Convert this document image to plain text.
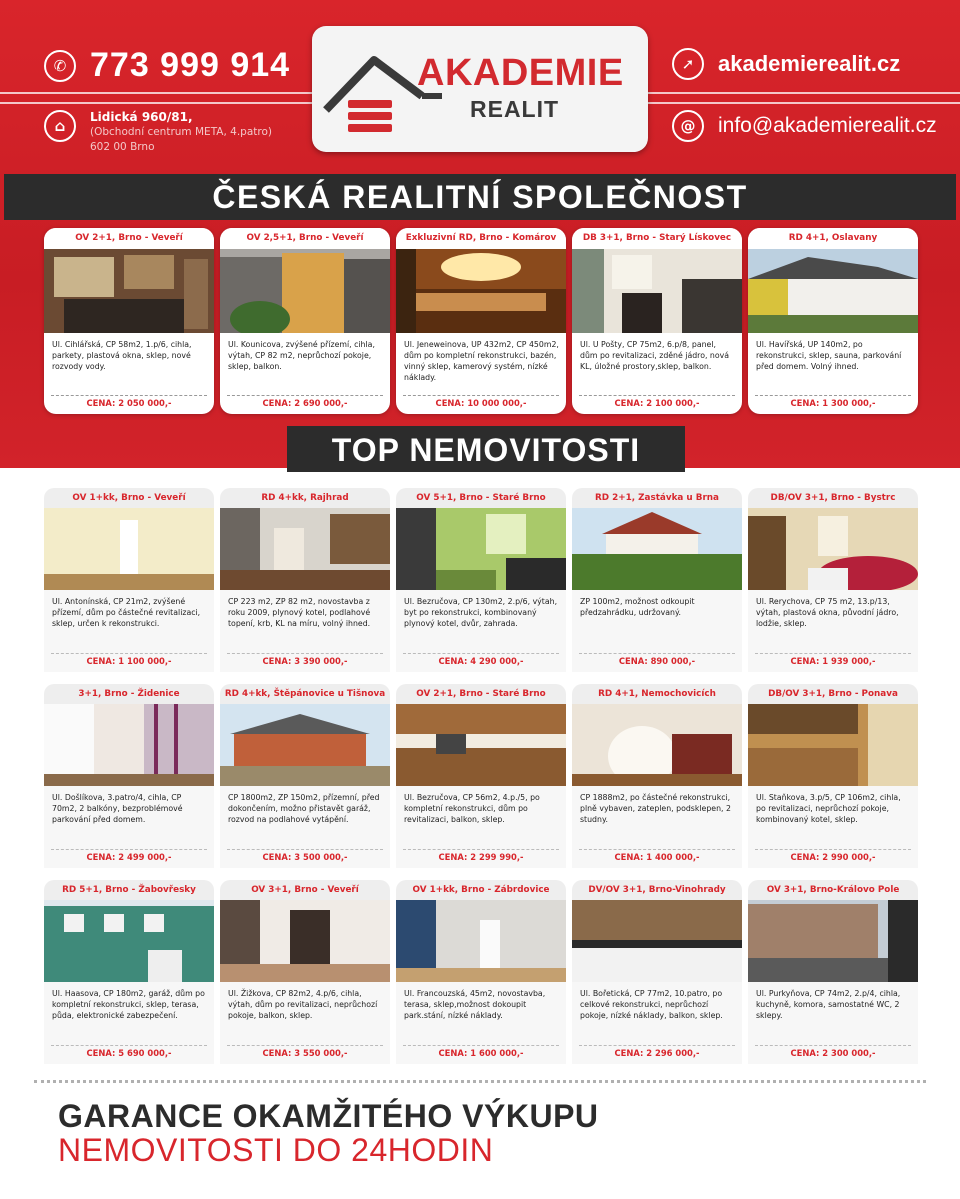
✆ 773 999 914
⌂	Lidická 960/81,
(Obchodní centrum META, 4.patro)
602 00 Brno
AKADEMIE
REALIT
➚	akademierealit.cz
@	info@akademierealit.cz
ČESKÁ REALITNÍ SPOLEČNOST
OV 2+1, Brno - Veveří
Ul. Cihlářská, CP 58m2, 1.p/6, cihla, parkety, plastová okna, sklep, nové rozvody vody.
CENA: 2 050 000,-
OV 2,5+1, Brno - Veveří
Ul. Kounicova, zvýšené přízemí, cihla, výtah, CP 82 m2, neprůchozí pokoje, sklep, balkon.
CENA: 2 690 000,-
Exkluzivní RD, Brno - Komárov
Ul. Jeneweinova, UP 432m2, CP 450m2, dům po kompletní rekonstrukci, bazén, vinný sklep, kamerový systém, nízké náklady.
CENA: 10 000 000,-
DB 3+1, Brno - Starý Lískovec
Ul. U Pošty, CP 75m2, 6.p/8, panel, dům po revitalizaci, zděné jádro, nová KL, úložné prostory,sklep, balkon.
CENA: 2 100 000,-
RD 4+1, Oslavany
Ul. Havířská, UP 140m2, po rekonstrukci, sklep, sauna, parkování před domem. Volný ihned.
CENA: 1 300 000,-
TOP NEMOVITOSTI
OV 1+kk, Brno - Veveří
Ul. Antonínská, CP 21m2, zvýšené přízemí, dům po částečné revitalizaci, sklep, určen k rekonstrukci.
CENA: 1 100 000,-
RD 4+kk, Rajhrad
CP 223 m2, ZP 82 m2, novostavba z roku 2009, plynový kotel, podlahové topení, krb, KL na míru, volný ihned.
CENA: 3 390 000,-
OV 5+1, Brno - Staré Brno
Ul. Bezručova, CP 130m2, 2.p/6, výtah, byt po rekonstrukci, kombinovaný plynový kotel, dvůr, zahrada.
CENA: 4 290 000,-
RD 2+1, Zastávka u Brna
ZP 100m2, možnost odkoupit předzahrádku, udržovaný.
CENA: 890 000,-
DB/OV 3+1, Brno - Bystrc
Ul. Rerychova, CP 75 m2, 13.p/13, výtah, plastová okna, původní jádro, lodžie, sklep.
CENA: 1 939 000,-
3+1, Brno - Židenice
Ul. Došlíkova, 3.patro/4, cihla, CP 70m2, 2 balkóny, bezproblémové parkování před domem.
CENA: 2 499 000,-
RD 4+kk, Štěpánovice u Tišnova
CP 1800m2, ZP 150m2, přízemní, před dokončením, možno přistavět garáž, rozvod na podlahové vytápění.
CENA: 3 500 000,-
OV 2+1, Brno - Staré Brno
Ul. Bezručova, CP 56m2, 4.p./5, po kompletní rekonstrukci, dům po revitalizaci, balkon, sklep.
CENA: 2 299 990,-
RD 4+1, Nemochovicích
CP 1888m2, po částečné rekonstrukci, plně vybaven, zateplen, podsklepen, 2 studny.
CENA: 1 400 000,-
DB/OV 3+1, Brno - Ponava
Ul. Staňkova, 3.p/5, CP 106m2, cihla, po revitalizaci, neprůchozí pokoje, kombinovaný kotel, sklep.
CENA: 2 990 000,-
RD 5+1, Brno - Žabovřesky
Ul. Haasova, CP 180m2, garáž, dům po kompletní rekonstrukci, sklep, terasa, půda, elektronické zabezpečení.
CENA: 5 690 000,-
OV 3+1, Brno - Veveří
Ul. Žižkova, CP 82m2, 4.p/6, cihla, výtah, dům po revitalizaci, neprůchozí pokoje, balkon, sklep.
CENA: 3 550 000,-
OV 1+kk, Brno - Zábrdovice
Ul. Francouzská, 45m2, novostavba, terasa, sklep,možnost dokoupit park.stání, nízké náklady.
CENA: 1 600 000,-
DV/OV 3+1, Brno-Vinohrady
Ul. Bořetická, CP 77m2, 10.patro, po celkové rekonstrukci, neprůchozí pokoje, nízké náklady, balkon, sklep.
CENA: 2 296 000,-
OV 3+1, Brno-Královo Pole
Ul. Purkyňova, CP 74m2, 2.p/4, cihla, kuchyně, komora, samostatné WC, 2 sklepy.
CENA: 2 300 000,-
GARANCE OKAMŽITÉHO VÝKUPU
NEMOVITOSTI DO 24HODIN
